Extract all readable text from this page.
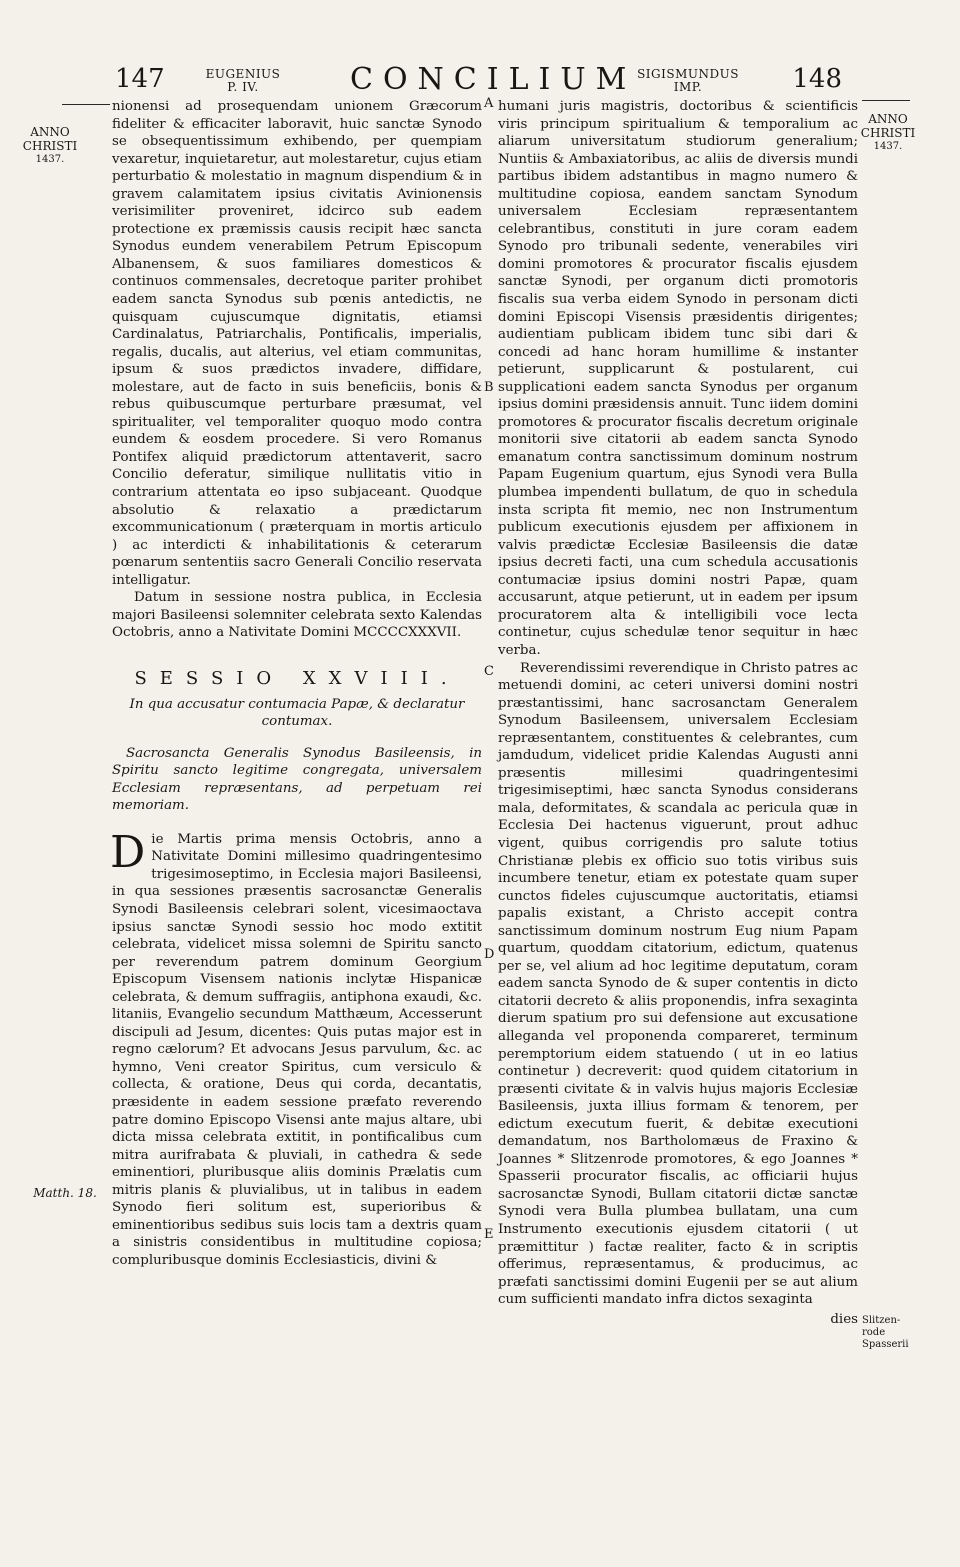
147	EUGENIUS
P. IV.	CONCILIUM SIGISMUNDUS
IMP.	148
ANNO
CHRISTI
1437.
Matth. 18.
ANNO
CHRISTI
1437.
Slitzen-
rode
Spasserii
A
B
C
D
E

nionensi ad prosequendam unionem Græcorum fideliter & efficaciter laboravit, huic sanctæ Synodo se obsequentissimum exhibendo, per quempiam vexaretur, inquietaretur, aut molestaretur, cujus etiam perturbatio & molestatio in magnum dispendium & in gravem calamitatem ipsius civitatis Avinionensis verisimiliter proveniret, idcirco sub eadem protectione ex præmissis causis recipit hæc sancta Synodus eundem venerabilem Petrum Episcopum Albanensem, & suos familiares domesticos & continuos commensales, decretoque pariter prohibet eadem sancta Synodus sub pœnis antedictis, ne quisquam cujuscumque dignitatis, etiamsi Cardinalatus, Patriarchalis, Pontificalis, imperialis, regalis, ducalis, aut alterius, vel etiam communitas, ipsum & suos prædictos invadere, diffidare, molestare, aut de facto in suis beneficiis, bonis & rebus quibuscumque perturbare præsumat, vel spiritualiter, vel temporaliter quoquo modo contra eundem & eosdem procedere. Si vero Romanus Pontifex aliquid prædictorum attentaverit, sacro Concilio deferatur, similique nullitatis vitio in contrarium attentata eo ipso subjaceant. Quodque absolutio & relaxatio a prædictarum excommunicationum ( præterquam in mortis articulo ) ac interdicti & inhabilitationis & ceterarum pœnarum sententiis sacro Generali Concilio reservata intelligatur.

Datum in sessione nostra publica, in Ecclesia majori Basileensi solemniter celebrata sexto Kalendas Octobris, anno a Nativitate Domini MCCCCXXXVII.

SESSIO XXVIII.

In qua accusatur contumacia Papæ, & declaratur contumax.

Sacrosancta Generalis Synodus Basileensis, in Spiritu sancto legitime congregata, universalem Ecclesiam repræsentans, ad perpetuam rei memoriam.

Die Martis prima mensis Octobris, anno a Nativitate Domini millesimo quadringentesimo trigesimoseptimo, in Ecclesia majori Basileensi, in qua sessiones præsentis sacrosanctæ Generalis Synodi Basileensis celebrari solent, vicesimaoctava ipsius sanctæ Synodi sessio hoc modo extitit celebrata, videlicet missa solemni de Spiritu sancto per reverendum patrem dominum Georgium Episcopum Visensem nationis inclytæ Hispanicæ celebrata, & demum suffragiis, antiphona exaudi, &c. litaniis, Evangelio secundum Matthæum, Accesserunt discipuli ad Jesum, dicentes: Quis putas major est in regno cælorum? Et advocans Jesus parvulum, &c. ac hymno, Veni creator Spiritus, cum versiculo & collecta, & oratione, Deus qui corda, decantatis, præsidente in eadem sessione præfato reverendo patre domino Episcopo Visensi ante majus altare, ubi dicta missa celebrata extitit, in pontificalibus cum mitra aurifrabata & pluviali, in cathedra & sede eminentiori, pluribusque aliis dominis Prælatis cum mitris planis & pluvialibus, ut in talibus in eadem Synodo fieri solitum est, superioribus & eminentioribus sedibus suis locis tam a dextris quam a sinistris considentibus in multitudine copiosa; compluribusque dominis Ecclesiasticis, divini &

humani juris magistris, doctoribus & scientificis viris principum spiritualium & temporalium ac aliarum universitatum studiorum generalium; Nuntiis & Ambaxiatoribus, ac aliis de diversis mundi partibus ibidem adstantibus in magno numero & multitudine copiosa, eandem sanctam Synodum universalem Ecclesiam repræsentantem celebrantibus, constituti in jure coram eadem Synodo pro tribunali sedente, venerabiles viri domini promotores & procurator fiscalis ejusdem sanctæ Synodi, per organum dicti promotoris fiscalis sua verba eidem Synodo in personam dicti domini Episcopi Visensis præsidentis dirigentes; audientiam publicam ibidem tunc sibi dari & concedi ad hanc horam humillime & instanter petierunt, supplicarunt & postularent, cui supplicationi eadem sancta Synodus per organum ipsius domini præsidensis annuit. Tunc iidem domini promotores & procurator fiscalis decretum originale monitorii sive citatorii ab eadem sancta Synodo emanatum contra sanctissimum dominum nostrum Papam Eugenium quartum, ejus Synodi vera Bulla plumbea impendenti bullatum, de quo in schedula insta scripta fit memio, nec non Instrumentum publicum executionis ejusdem per affixionem in valvis prædictæ Ecclesiæ Basileensis die datæ ipsius decreti facti, una cum schedula accusationis contumaciæ ipsius domini nostri Papæ, quam accusarunt, atque petierunt, ut in eadem per ipsum procuratorem alta & intelligibili voce lecta continetur, cujus schedulæ tenor sequitur in hæc verba.

Reverendissimi reverendique in Christo patres ac metuendi domini, ac ceteri universi domini nostri præstantissimi, hanc sacrosanctam Generalem Synodum Basileensem, universalem Ecclesiam repræsentantem, constituentes & celebrantes, cum jamdudum, videlicet pridie Kalendas Augusti anni præsentis millesimi quadringentesimi trigesimiseptimi, hæc sancta Synodus considerans mala, deformitates, & scandala ac pericula quæ in Ecclesia Dei hactenus viguerunt, prout adhuc vigent, quibus corrigendis pro salute totius Christianæ plebis ex officio suo totis viribus suis incumbere tenetur, etiam ex potestate quam super cunctos fideles cujuscumque auctoritatis, etiamsi papalis existant, a Christo accepit contra sanctissimum dominum nostrum Eug nium Papam quartum, quoddam citatorium, edictum, quatenus per se, vel alium ad hoc legitime deputatum, coram eadem sancta Synodo de & super contentis in dicto citatorii decreto & aliis proponendis, infra sexaginta dierum spatium pro sui defensione aut excusatione alleganda vel proponenda compareret, terminum peremptorium eidem statuendo ( ut in eo latius continetur ) decreverit: quod quidem citatorium in præsenti civitate & in valvis hujus majoris Ecclesiæ Basileensis, juxta illius formam & tenorem, per edictum executum fuerit, & debitæ executioni demandatum, nos Bartholomæus de Fraxino & Joannes * Slitzenrode promotores, & ego Joannes * Spasserii procurator fiscalis, ac officiarii hujus sacrosanctæ Synodi, Bullam citatorii dictæ sanctæ Synodi vera Bulla plumbea bullatam, una cum Instrumento executionis ejusdem citatorii ( ut præmittitur ) factæ realiter, facto & in scriptis offerimus, repræsentamus, & producimus, ac præfati sanctissimi domini Eugenii per se aut alium cum sufficienti mandato infra dictos sexaginta

dies
